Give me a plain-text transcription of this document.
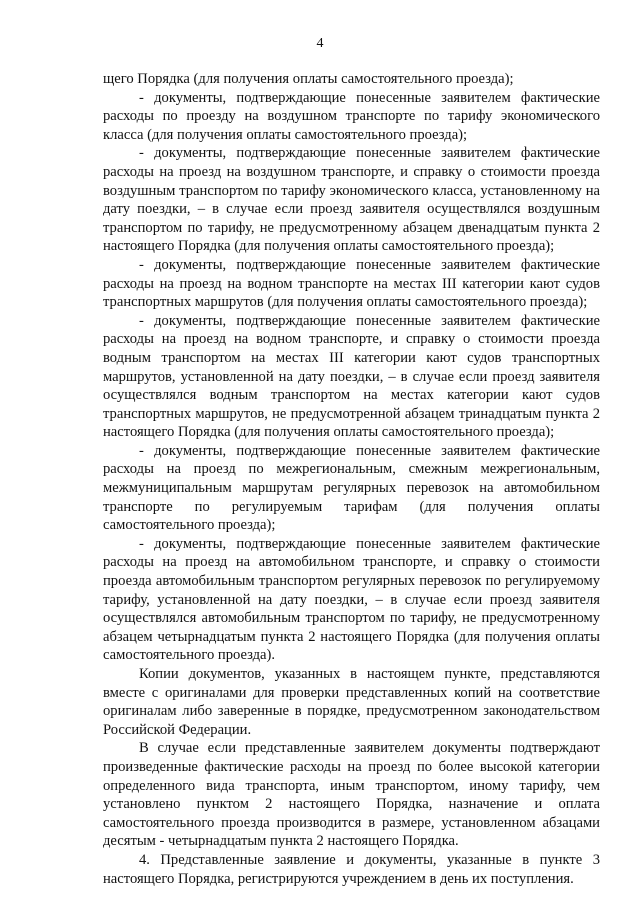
4

щего Порядка (для получения оплаты самостоятельного проезда);

- документы, подтверждающие понесенные заявителем фактические расходы по проезду на воздушном транспорте по тарифу экономического класса (для получения оплаты самостоятельного проезда);

- документы, подтверждающие понесенные заявителем фактические расходы на проезд на воздушном транспорте, и справку о стоимости проезда воздушным транспортом по тарифу экономического класса, установленному на дату поездки, – в случае если проезд заявителя осуществлялся воздушным транспортом по тарифу, не предусмотренному абзацем двенадцатым пункта 2 настоящего Порядка (для получения оплаты самостоятельного проезда);

- документы, подтверждающие понесенные заявителем фактические расходы на проезд на водном транспорте на местах III категории кают судов транспортных маршрутов (для получения оплаты самостоятельного проезда);

- документы, подтверждающие понесенные заявителем фактические расходы на проезд на водном транспорте, и справку о стоимости проезда водным транспортом на местах III категории кают судов транспортных маршрутов, установленной на дату поездки, – в случае если проезд заявителя осуществлялся водным транспортом на местах категории кают судов транспортных маршрутов, не предусмотренной абзацем тринадцатым пункта 2 настоящего Порядка (для получения оплаты самостоятельного проезда);

- документы, подтверждающие понесенные заявителем фактические расходы на проезд по межрегиональным, смежным межрегиональным, межмуниципальным маршрутам регулярных перевозок на автомобильном транспорте по регулируемым тарифам (для получения оплаты самостоятельного проезда);

- документы, подтверждающие понесенные заявителем фактические расходы на проезд на автомобильном транспорте, и справку о стоимости проезда автомобильным транспортом регулярных перевозок по регулируемому тарифу, установленной на дату поездки, – в случае если проезд заявителя осуществлялся автомобильным транспортом по тарифу, не предусмотренному абзацем четырнадцатым пункта 2 настоящего Порядка (для получения оплаты самостоятельного проезда).

Копии документов, указанных в настоящем пункте, представляются вместе с оригиналами для проверки представленных копий на соответствие оригиналам либо заверенные в порядке, предусмотренном законодательством Российской Федерации.

В случае если представленные заявителем документы подтверждают произведенные фактические расходы на проезд по более высокой категории определенного вида транспорта, иным транспортом, иному тарифу, чем установлено пунктом 2 настоящего Порядка, назначение и оплата самостоятельного проезда производится в размере, установленном абзацами десятым - четырнадцатым пункта 2 настоящего Порядка.

4. Представленные заявление и документы, указанные в пункте 3 настоящего Порядка, регистрируются учреждением в день их поступления.
